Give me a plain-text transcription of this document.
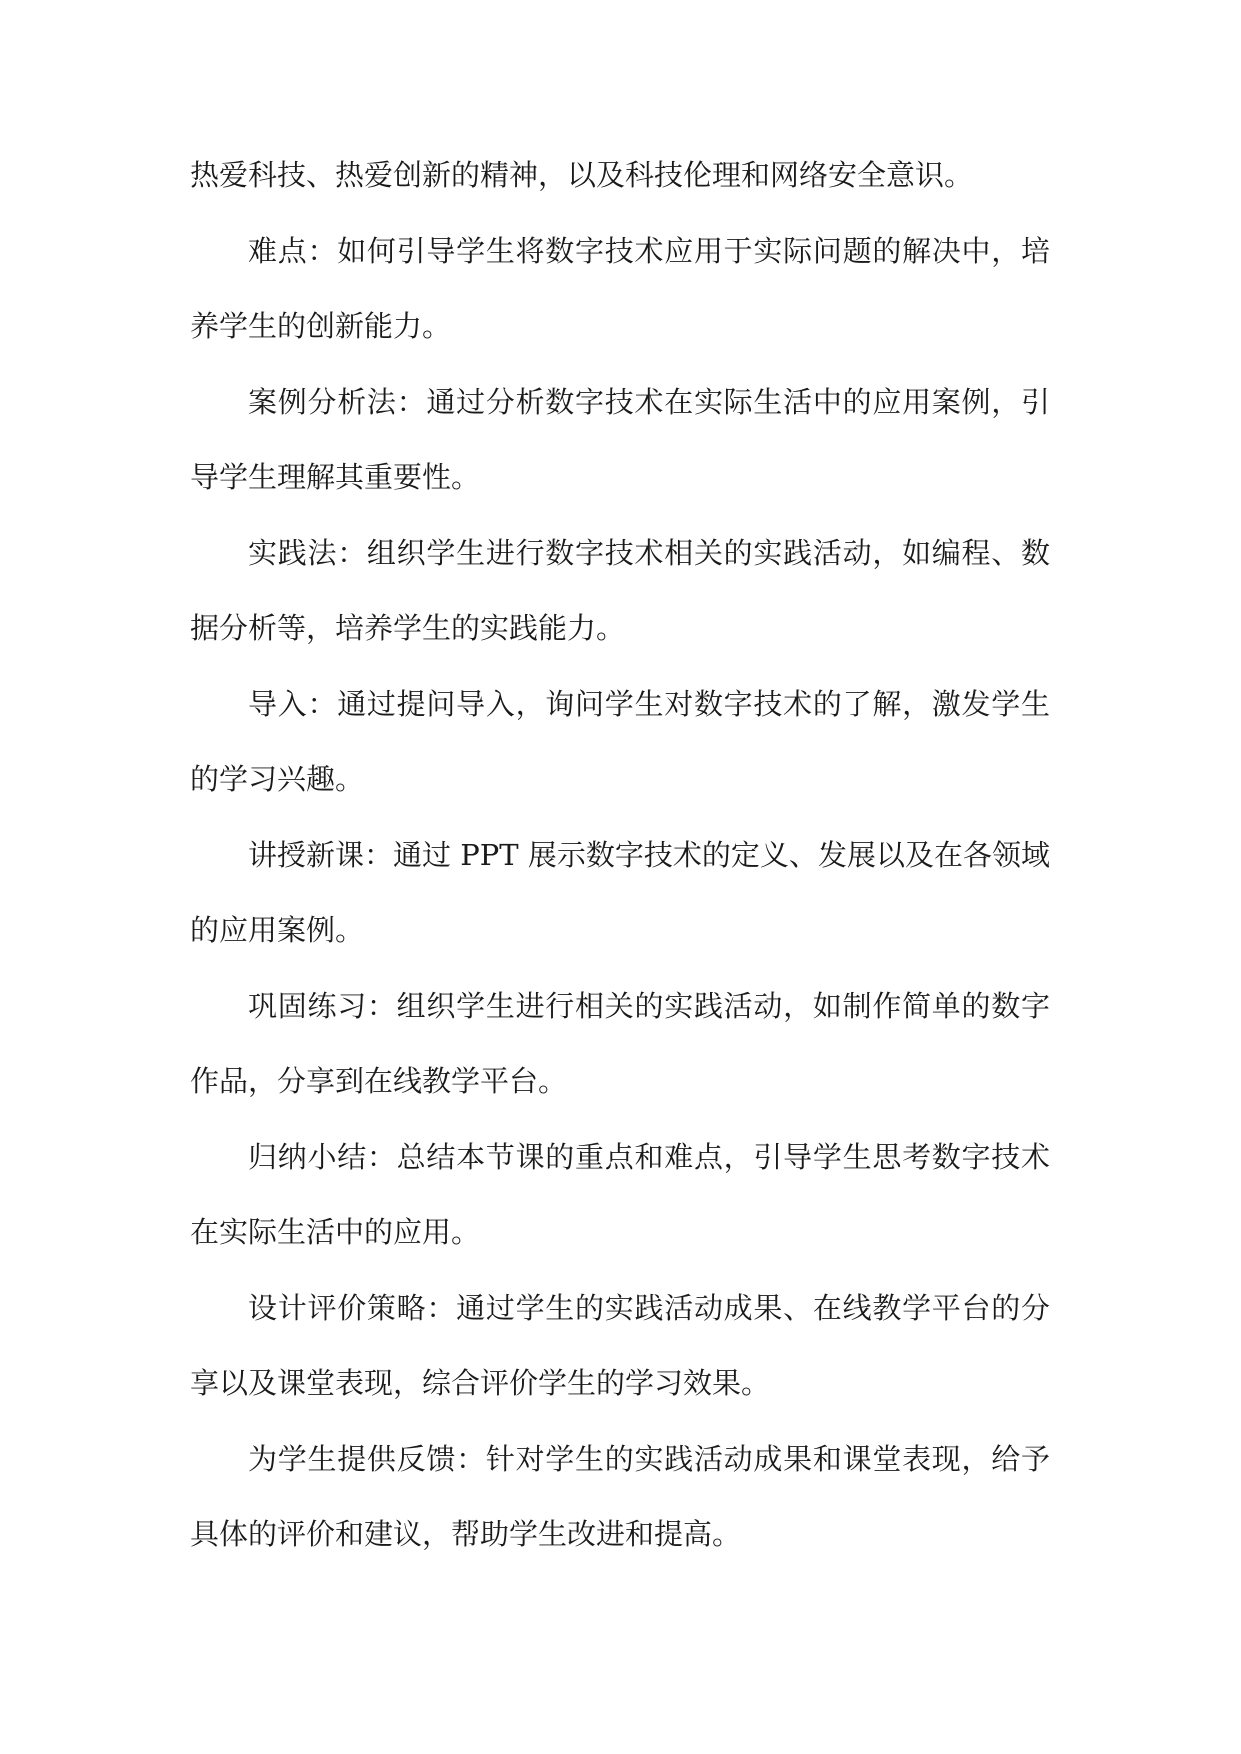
热爱科技、热爱创新的精神，以及科技伦理和网络安全意识。

难点：如何引导学生将数字技术应用于实际问题的解决中，培养学生的创新能力。

案例分析法：通过分析数字技术在实际生活中的应用案例，引导学生理解其重要性。

实践法：组织学生进行数字技术相关的实践活动，如编程、数据分析等，培养学生的实践能力。

导入：通过提问导入，询问学生对数字技术的了解，激发学生的学习兴趣。

讲授新课：通过 PPT 展示数字技术的定义、发展以及在各领域的应用案例。

巩固练习：组织学生进行相关的实践活动，如制作简单的数字作品，分享到在线教学平台。

归纳小结：总结本节课的重点和难点，引导学生思考数字技术在实际生活中的应用。

设计评价策略：通过学生的实践活动成果、在线教学平台的分享以及课堂表现，综合评价学生的学习效果。

为学生提供反馈：针对学生的实践活动成果和课堂表现，给予具体的评价和建议，帮助学生改进和提高。
